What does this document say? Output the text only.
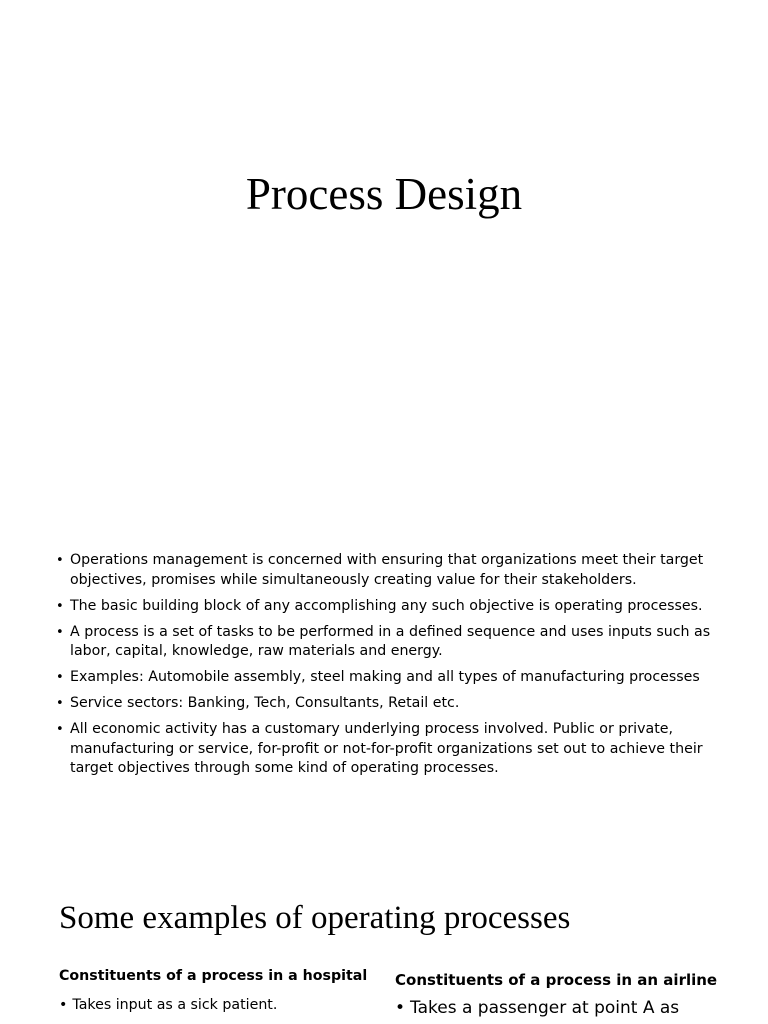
Process Design
• Operations management is concerned with ensuring that organizations meet their target objectives, promises while simultaneously creating value for their stakeholders.
• The basic building block of any accomplishing any such objective is operating processes.
• A process is a set of tasks to be performed in a defined sequence and uses inputs such as labor, capital, knowledge, raw materials and energy.
• Examples: Automobile assembly, steel making and all types of manufacturing processes
• Service sectors: Banking, Tech, Consultants, Retail etc.
• All economic activity has a customary underlying process involved. Public or private, manufacturing or service, for-profit or not-for-profit organizations set out to achieve their target objectives through some kind of operating processes.
Some examples of operating processes
Constituents of a process in a hospital Constituents of a process in an airline
• Takes input as a sick patient.	• Takes a passenger at point A as
